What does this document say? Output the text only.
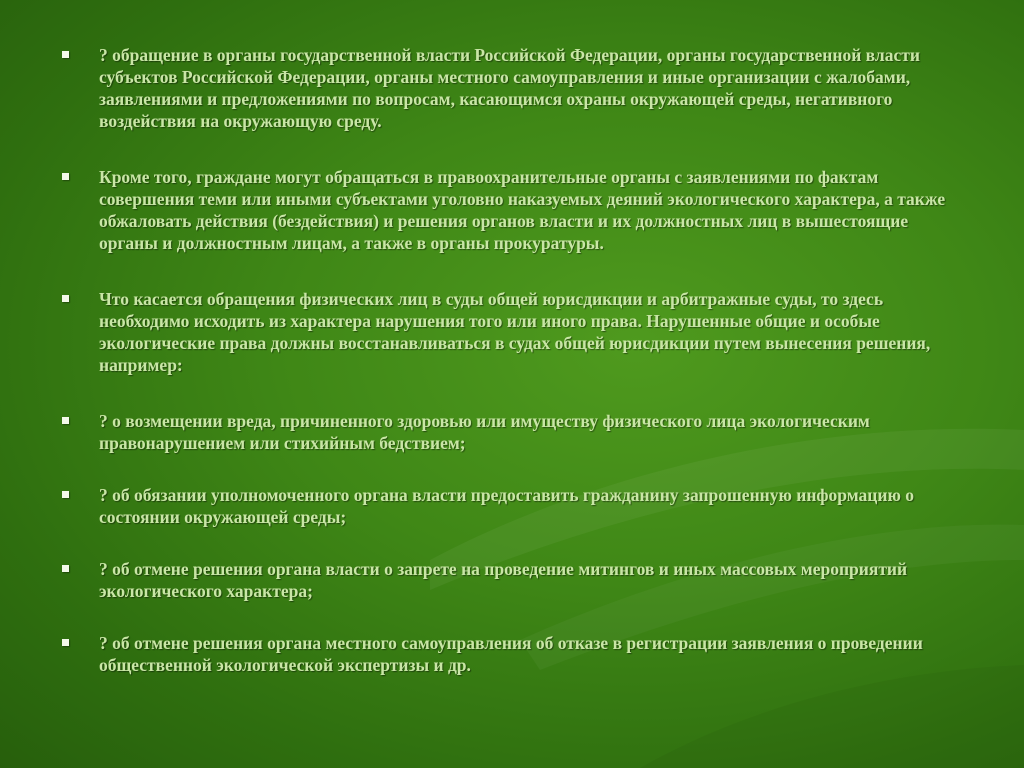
? обращение в органы государственной власти Российской Федерации, органы государственной власти субъектов Российской Федерации, органы местного самоуправления и иные организации с жалобами, заявлениями и предложениями по вопросам, касающимся охраны окружающей среды, негативного воздействия на окружающую среду.
Кроме того, граждане могут обращаться в правоохранительные органы с заявлениями по фактам совершения теми или иными субъектами уголовно наказуемых деяний экологического характера, а также обжаловать действия (бездействия) и решения органов власти и их должностных лиц в вышестоящие органы и должностным лицам, а также в органы прокуратуры.
Что касается обращения физических лиц в суды общей юрисдикции и арбитражные суды, то здесь необходимо исходить из характера нарушения того или иного права. Нарушенные общие и особые экологические права должны восстанавливаться в судах общей юрисдикции путем вынесения решения, например:
? о возмещении вреда, причиненного здоровью или имуществу физического лица экологическим правонарушением или стихийным бедствием;
? об обязании уполномоченного органа власти предоставить гражданину запрошенную информацию о состоянии окружающей среды;
? об отмене решения органа власти о запрете на проведение митингов и иных массовых мероприятий экологического характера;
? об отмене решения органа местного самоуправления об отказе в регистрации заявления о проведении общественной экологической экспертизы и др.
